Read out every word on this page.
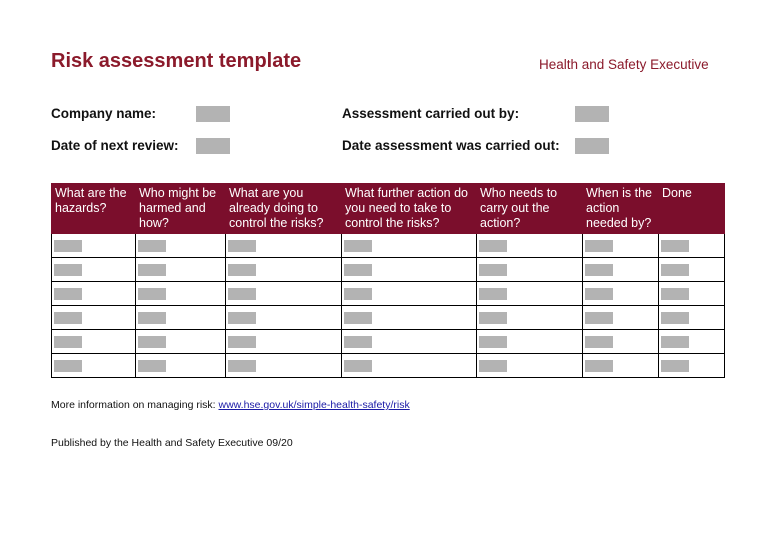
Risk assessment template	Health and Safety Executive
Company name:	Assessment carried out by:
Date of next review:	Date assessment was carried out:
What are the hazards?	Who might be harmed and how?	What are you already doing to control the risks?	What further action do you need to take to control the risks?	Who needs to carry out the action?	When is the action needed by?	Done

More information on managing risk: www.hse.gov.uk/simple-health-safety/risk
Published by the Health and Safety Executive 09/20
